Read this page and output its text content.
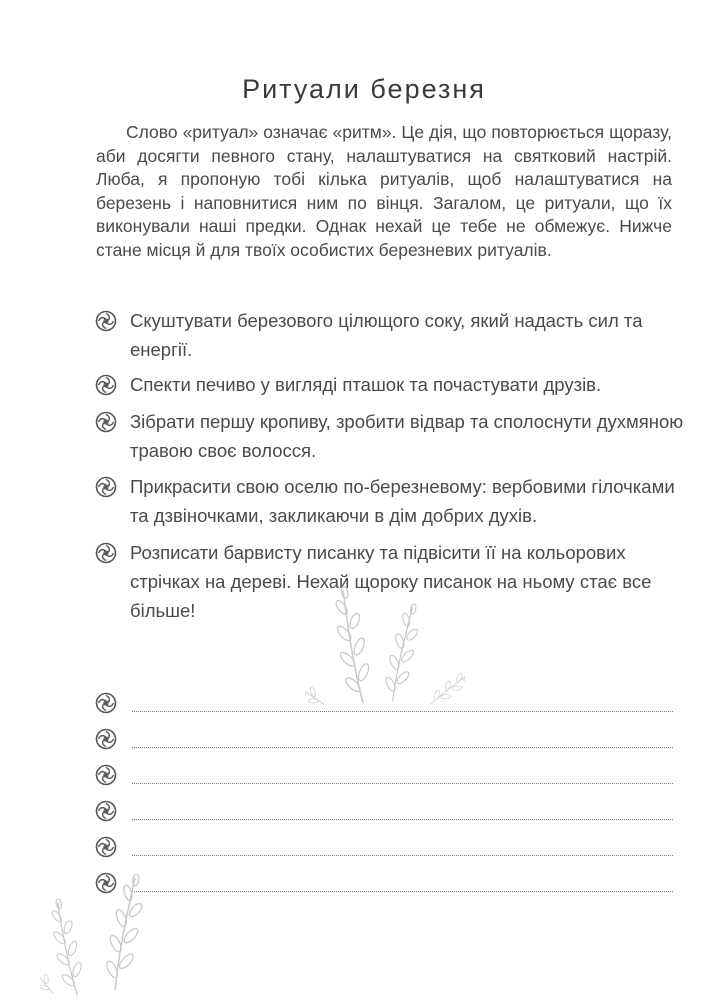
Ритуали березня

Слово «ритуал» означає «ритм». Це дія, що повторюється щоразу, аби досягти певного стану, налаштуватися на святковий настрій. Люба, я пропоную тобі кілька ритуалів, щоб налаштуватися на березень і наповнитися ним по вінця. Загалом, це ритуали, що їх виконували наші предки. Однак нехай це тебе не обмежує. Нижче стане місця й для твоїх особистих березневих ритуалів.

Скуштувати березового цілющого соку, який надасть сил та енергії.
Спекти печиво у вигляді пташок та почастувати друзів.
Зібрати першу кропиву, зробити відвар та сполоснути духмяною травою своє волосся.
Прикрасити свою оселю по-березневому: вербовими гілочками та дзвіночками, закликаючи в дім добрих духів.
Розписати барвисту писанку та підвісити її на кольорових стрічках на дереві. Нехай щороку писанок на ньому стає все більше!
